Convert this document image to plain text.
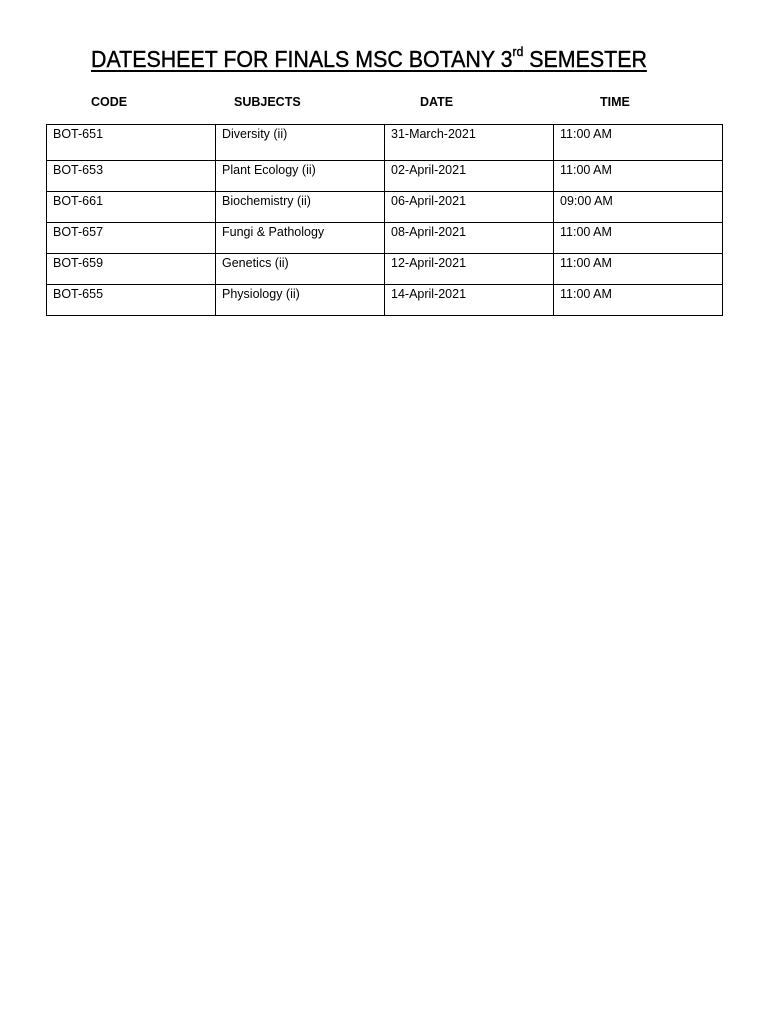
DATESHEET FOR FINALS MSC BOTANY 3rd SEMESTER
CODE	SUBJECTS	DATE	TIME
BOT-651	Diversity (ii)	31-March-2021	11:00 AM
BOT-653	Plant Ecology (ii)	02-April-2021	11:00 AM
BOT-661	Biochemistry (ii)	06-April-2021	09:00 AM
BOT-657	Fungi & Pathology	08-April-2021	11:00 AM
BOT-659	Genetics (ii)	12-April-2021	11:00 AM
BOT-655	Physiology (ii)	14-April-2021	11:00 AM
